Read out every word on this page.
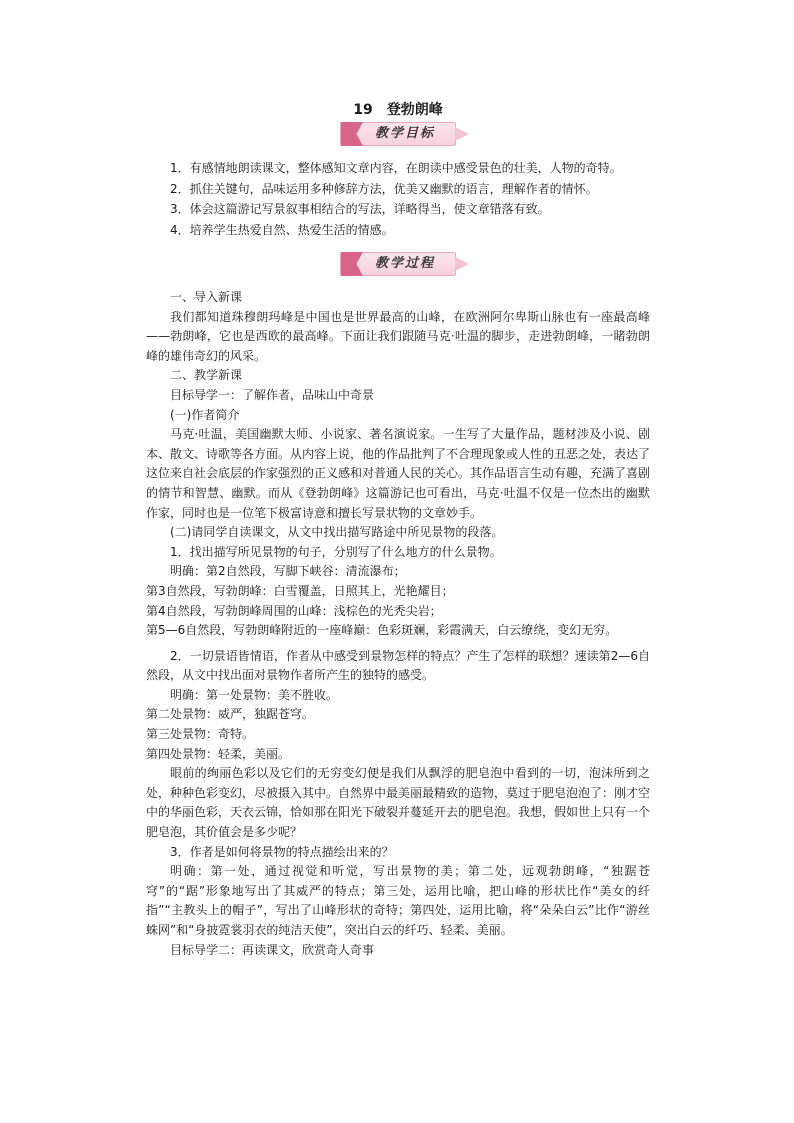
19　登勃朗峰
教学目标

1．有感情地朗读课文，整体感知文章内容，在朗读中感受景色的壮美，人物的奇特。

2．抓住关键句，品味运用多种修辞方法，优美又幽默的语言，理解作者的情怀。

3．体会这篇游记写景叙事相结合的写法，详略得当，使文章错落有致。

4．培养学生热爱自然、热爱生活的情感。

教学过程

一、导入新课

我们都知道珠穆朗玛峰是中国也是世界最高的山峰，在欧洲阿尔卑斯山脉也有一座最高峰——勃朗峰，它也是西欧的最高峰。下面让我们跟随马克·吐温的脚步，走进勃朗峰，一睹勃朗峰的雄伟奇幻的风采。

二、教学新课

目标导学一：了解作者，品味山中奇景

(一)作者简介

马克·吐温，美国幽默大师、小说家、著名演说家。一生写了大量作品，题材涉及小说、剧本、散文、诗歌等各方面。从内容上说，他的作品批判了不合理现象或人性的丑恶之处，表达了这位来自社会底层的作家强烈的正义感和对普通人民的关心。其作品语言生动有趣，充满了喜剧的情节和智慧、幽默。而从《登勃朗峰》这篇游记也可看出，马克·吐温不仅是一位杰出的幽默作家，同时也是一位笔下极富诗意和擅长写景状物的文章妙手。

(二)请同学自读课文，从文中找出描写路途中所见景物的段落。

1．找出描写所见景物的句子，分别写了什么地方的什么景物。

明确：第2自然段，写脚下峡谷：清流瀑布；

第3自然段，写勃朗峰：白雪覆盖，日照其上，光艳耀目；

第4自然段，写勃朗峰周围的山峰：浅棕色的光秃尖岩；

第5—6自然段，写勃朗峰附近的一座峰巅：色彩斑斓，彩霞满天，白云缭绕，变幻无穷。

2．一切景语皆情语，作者从中感受到景物怎样的特点？产生了怎样的联想？速读第2—6自然段，从文中找出面对景物作者所产生的独特的感受。

明确：第一处景物：美不胜收。

第二处景物：威严，独踞苍穹。

第三处景物：奇特。

第四处景物：轻柔，美丽。

眼前的绚丽色彩以及它们的无穷变幻便是我们从飘浮的肥皂泡中看到的一切，泡沫所到之处，种种色彩变幻，尽被摄入其中。自然界中最美丽最精致的造物，莫过于肥皂泡泡了：刚才空中的华丽色彩，天衣云锦，恰如那在阳光下破裂并蔓延开去的肥皂泡。我想，假如世上只有一个肥皂泡，其价值会是多少呢？

3．作者是如何将景物的特点描绘出来的？

明确：第一处，通过视觉和听觉，写出景物的美；第二处，远观勃朗峰，“独踞苍穹”的“踞”形象地写出了其威严的特点；第三处，运用比喻，把山峰的形状比作“美女的纤指”“主教头上的帽子”，写出了山峰形状的奇特；第四处，运用比喻，将“朵朵白云”比作“游丝蛛网”和“身披霓裳羽衣的纯洁天使”，突出白云的纤巧、轻柔、美丽。

目标导学二：再读课文，欣赏奇人奇事
